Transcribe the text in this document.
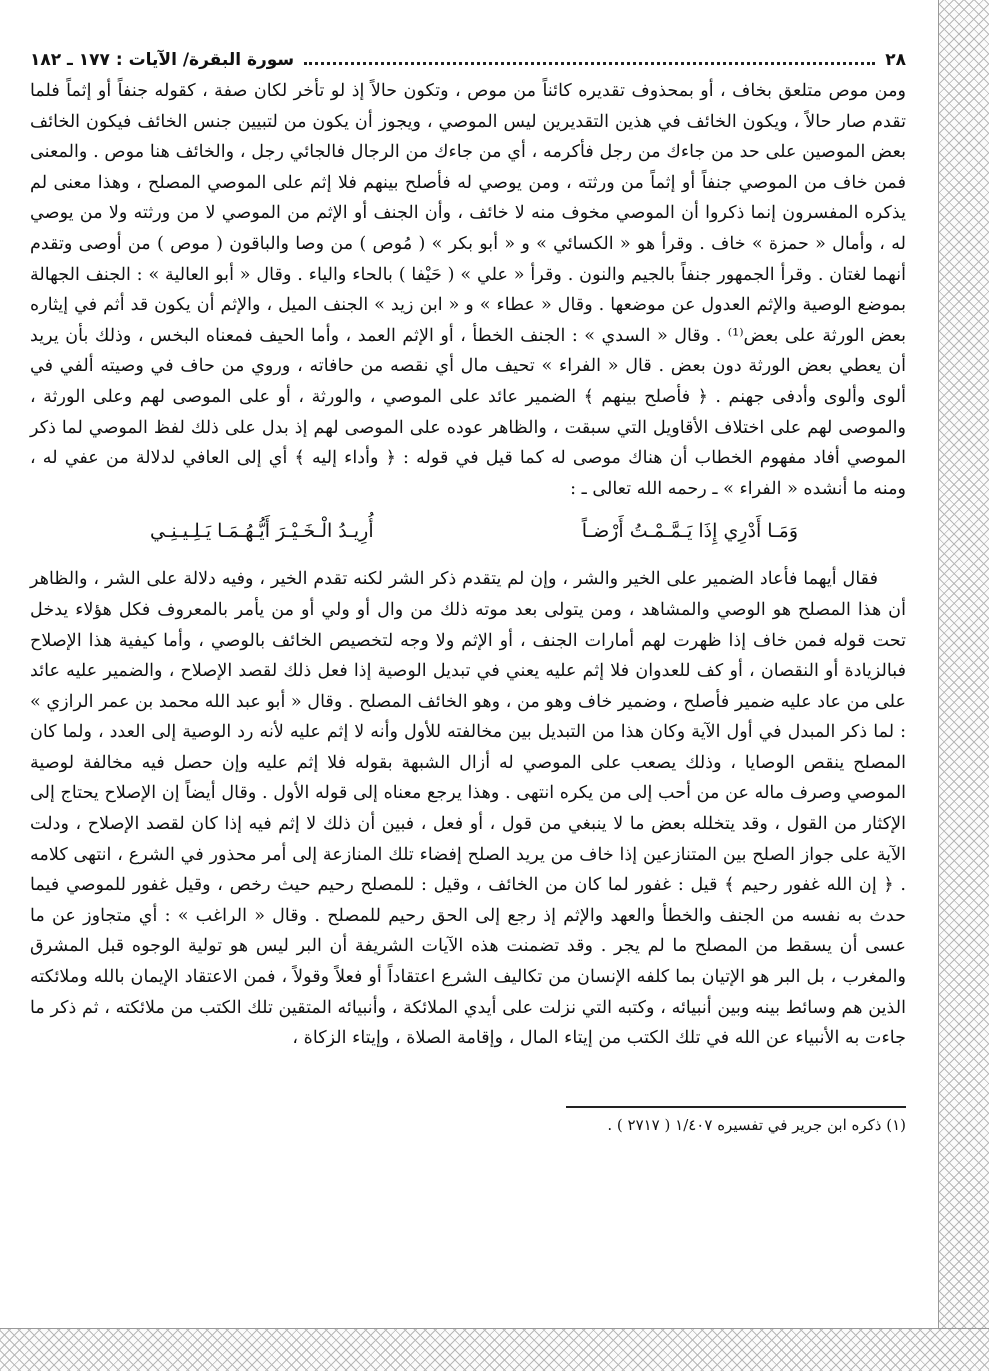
٢٨
سورة البقرة/ الآيات : ١٧٧ ـ ١٨٢

ومن موص متلعق بخاف ، أو بمحذوف تقديره كائناً من موص ، وتكون حالاً إذ لو تأخر لكان صفة ، كقوله جنفاً أو إثماً فلما تقدم صار حالاً ، ويكون الخائف في هذين التقديرين ليس الموصي ، ويجوز أن يكون من لتبيين جنس الخائف فيكون الخائف بعض الموصين على حد من جاءك من رجل فأكرمه ، أي من جاءك من الرجال فالجائي رجل ، والخائف هنا موص . والمعنى فمن خاف من الموصي جنفاً أو إثماً من ورثته ، ومن يوصي له فأصلح بينهم فلا إثم على الموصي المصلح ، وهذا معنى لم يذكره المفسرون إنما ذكروا أن الموصي مخوف منه لا خائف ، وأن الجنف أو الإثم من الموصي لا من ورثته ولا من يوصي له ، وأمال « حمزة » خاف . وقرأ هو « الكسائي » و « أبو بكر » ( مُوص ) من وصا والباقون ( موص ) من أوصى وتقدم أنهما لغتان . وقرأ الجمهور جنفاً بالجيم والنون . وقرأ « علي » ( حَيْفا ) بالحاء والياء . وقال « أبو العالية » : الجنف الجهالة بموضع الوصية والإثم العدول عن موضعها . وقال « عطاء » و « ابن زيد » الجنف الميل ، والإثم أن يكون قد أثم في إيثاره بعض الورثة على بعض⁽¹⁾ . وقال « السدي » : الجنف الخطأ ، أو الإثم العمد ، وأما الحيف فمعناه البخس ، وذلك بأن يريد أن يعطي بعض الورثة دون بعض . قال « الفراء » تحيف مال أي نقصه من حافاته ، وروي من حاف في وصيته ألفي في ألوى وألوى وأدفى جهنم . ﴿ فأصلح بينهم ﴾ الضمير عائد على الموصي ، والورثة ، أو على الموصى لهم وعلى الورثة ، والموصى لهم على اختلاف الأقاويل التي سبقت ، والظاهر عوده على الموصى لهم إذ بدل على ذلك لفظ الموصي لما ذكر الموصي أفاد مفهوم الخطاب أن هناك موصى له كما قيل في قوله : ﴿ وأداء إليه ﴾ أي إلى العافي لدلالة من عفي له ، ومنه ما أنشده « الفراء » ـ رحمه الله تعالى ـ :

وَمَـا أَدْرِي إِذَا يَـمَّـمْـتُ أَرْضـاً
أُرِيـدُ الْـخَـيْـرَ أَيُّـهُـمَـا يَـلِـيـنِـي

فقال أيهما فأعاد الضمير على الخير والشر ، وإن لم يتقدم ذكر الشر لكنه تقدم الخير ، وفيه دلالة على الشر ، والظاهر أن هذا المصلح هو الوصي والمشاهد ، ومن يتولى بعد موته ذلك من وال أو ولي أو من يأمر بالمعروف فكل هؤلاء يدخل تحت قوله فمن خاف إذا ظهرت لهم أمارات الجنف ، أو الإثم ولا وجه لتخصيص الخائف بالوصي ، وأما كيفية هذا الإصلاح فبالزيادة أو النقصان ، أو كف للعدوان فلا إثم عليه يعني في تبديل الوصية إذا فعل ذلك لقصد الإصلاح ، والضمير عليه عائد على من عاد عليه ضمير فأصلح ، وضمير خاف وهو من ، وهو الخائف المصلح . وقال « أبو عبد الله محمد بن عمر الرازي » : لما ذكر المبدل في أول الآية وكان هذا من التبديل بين مخالفته للأول وأنه لا إثم عليه لأنه رد الوصية إلى العدد ، ولما كان المصلح ينقص الوصايا ، وذلك يصعب على الموصي له أزال الشبهة بقوله فلا إثم عليه وإن حصل فيه مخالفة لوصية الموصي وصرف ماله عن من أحب إلى من يكره انتهى . وهذا يرجع معناه إلى قوله الأول . وقال أيضاً إن الإصلاح يحتاج إلى الإكثار من القول ، وقد يتخلله بعض ما لا ينبغي من قول ، أو فعل ، فبين أن ذلك لا إثم فيه إذا كان لقصد الإصلاح ، ودلت الآية على جواز الصلح بين المتنازعين إذا خاف من يريد الصلح إفضاء تلك المنازعة إلى أمر محذور في الشرع ، انتهى كلامه . ﴿ إن الله غفور رحيم ﴾ قيل : غفور لما كان من الخائف ، وقيل : للمصلح رحيم حيث رخص ، وقيل غفور للموصي فيما حدث به نفسه من الجنف والخطأ والعهد والإثم إذ رجع إلى الحق رحيم للمصلح . وقال « الراغب » : أي متجاوز عن ما عسى أن يسقط من المصلح ما لم يجر . وقد تضمنت هذه الآيات الشريفة أن البر ليس هو تولية الوجوه قبل المشرق والمغرب ، بل البر هو الإتيان بما كلفه الإنسان من تكاليف الشرع اعتقاداً أو فعلاً وقولاً ، فمن الاعتقاد الإيمان بالله وملائكته الذين هم وسائط بينه وبين أنبيائه ، وكتبه التي نزلت على أيدي الملائكة ، وأنبيائه المتقين تلك الكتب من ملائكته ، ثم ذكر ما جاءت به الأنبياء عن الله في تلك الكتب من إيتاء المال ، وإقامة الصلاة ، وإيتاء الزكاة ،

(١) ذكره ابن جرير في تفسيره ١/٤٠٧ ( ٢٧١٧ ) .
